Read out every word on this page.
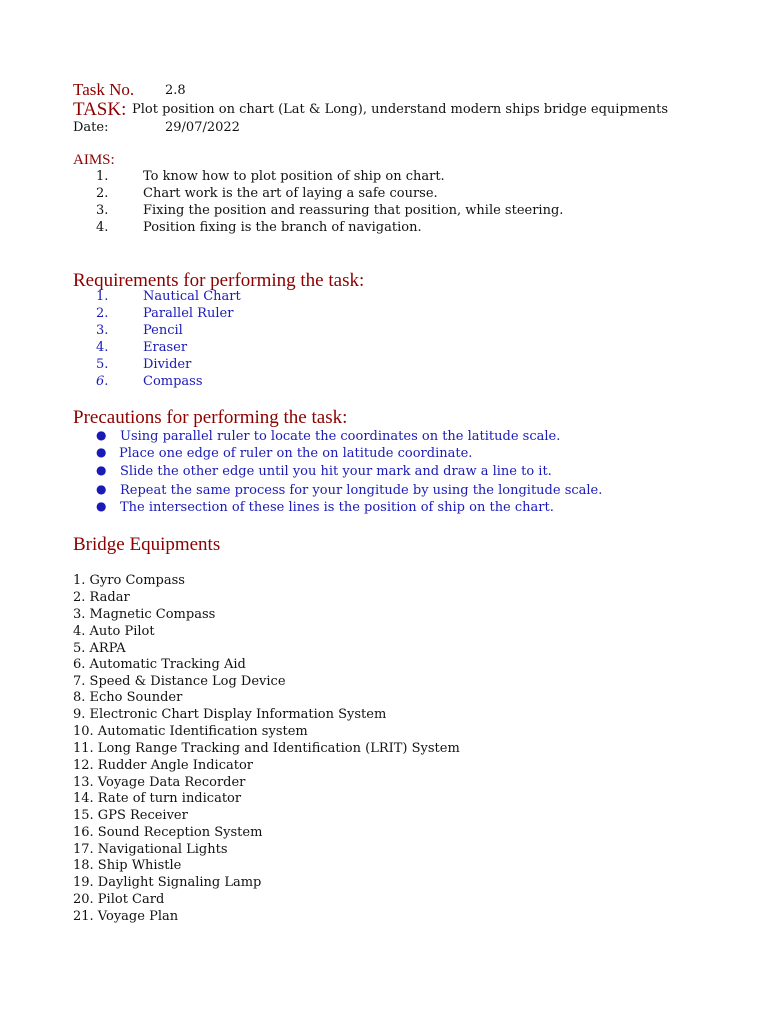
Task No. 2.8
TASK: Plot position on chart (Lat & Long), understand modern ships bridge equipments
Date:	29/07/2022
AIMS:
1.	To know how to plot position of ship on chart.
2.	Chart work is the art of laying a safe course.
3.	Fixing the position and reassuring that position, while steering.
4.	Position fixing is the branch of navigation.
Requirements for performing the task:
1.	Nautical Chart
2.	Parallel Ruler
3.	Pencil
4.	Eraser
5.	Divider
6.	Compass
Precautions for performing the task:
● Using parallel ruler to locate the coordinates on the latitude scale.
● Place one edge of ruler on the on latitude coordinate.
● Slide the other edge until you hit your mark and draw a line to it.
● Repeat the same process for your longitude by using the longitude scale.
● The intersection of these lines is the position of ship on the chart.
Bridge Equipments
1. Gyro Compass
2. Radar
3. Magnetic Compass
4. Auto Pilot
5. ARPA
6. Automatic Tracking Aid
7. Speed & Distance Log Device
8. Echo Sounder
9. Electronic Chart Display Information System
10. Automatic Identification system
11. Long Range Tracking and Identification (LRIT) System
12. Rudder Angle Indicator
13. Voyage Data Recorder
14. Rate of turn indicator
15. GPS Receiver
16. Sound Reception System
17. Navigational Lights
18. Ship Whistle
19. Daylight Signaling Lamp
20. Pilot Card
21. Voyage Plan
